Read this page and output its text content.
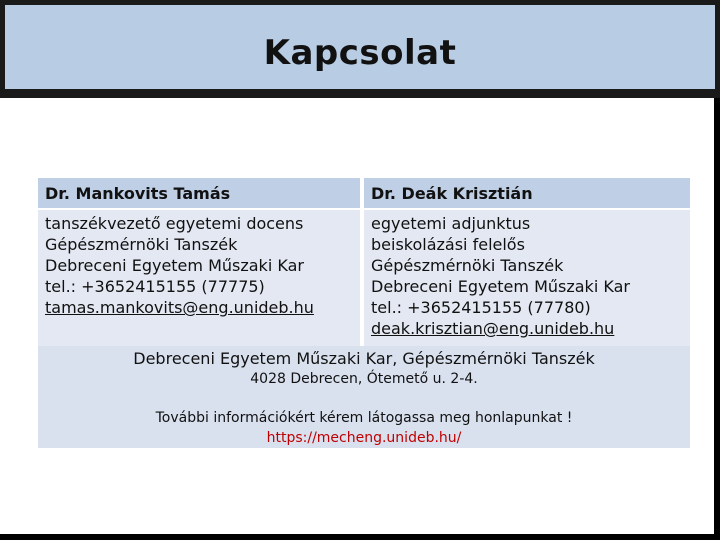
Kapcsolat
Dr. Mankovits Tamás	Dr. Deák Krisztián
tanszékvezető egyetemi docens
Gépészmérnöki Tanszék
Debreceni Egyetem Műszaki Kar
tel.: +3652415155 (77775)
tamas.mankovits@eng.unideb.hu
egyetemi adjunktus
beiskolázási felelős
Gépészmérnöki Tanszék
Debreceni Egyetem Műszaki Kar
tel.: +3652415155 (77780)
deak.krisztian@eng.unideb.hu
Debreceni Egyetem Műszaki Kar, Gépészmérnöki Tanszék
4028 Debrecen, Ótemető u. 2-4.
További információkért kérem látogassa meg honlapunkat !
https://mecheng.unideb.hu/
